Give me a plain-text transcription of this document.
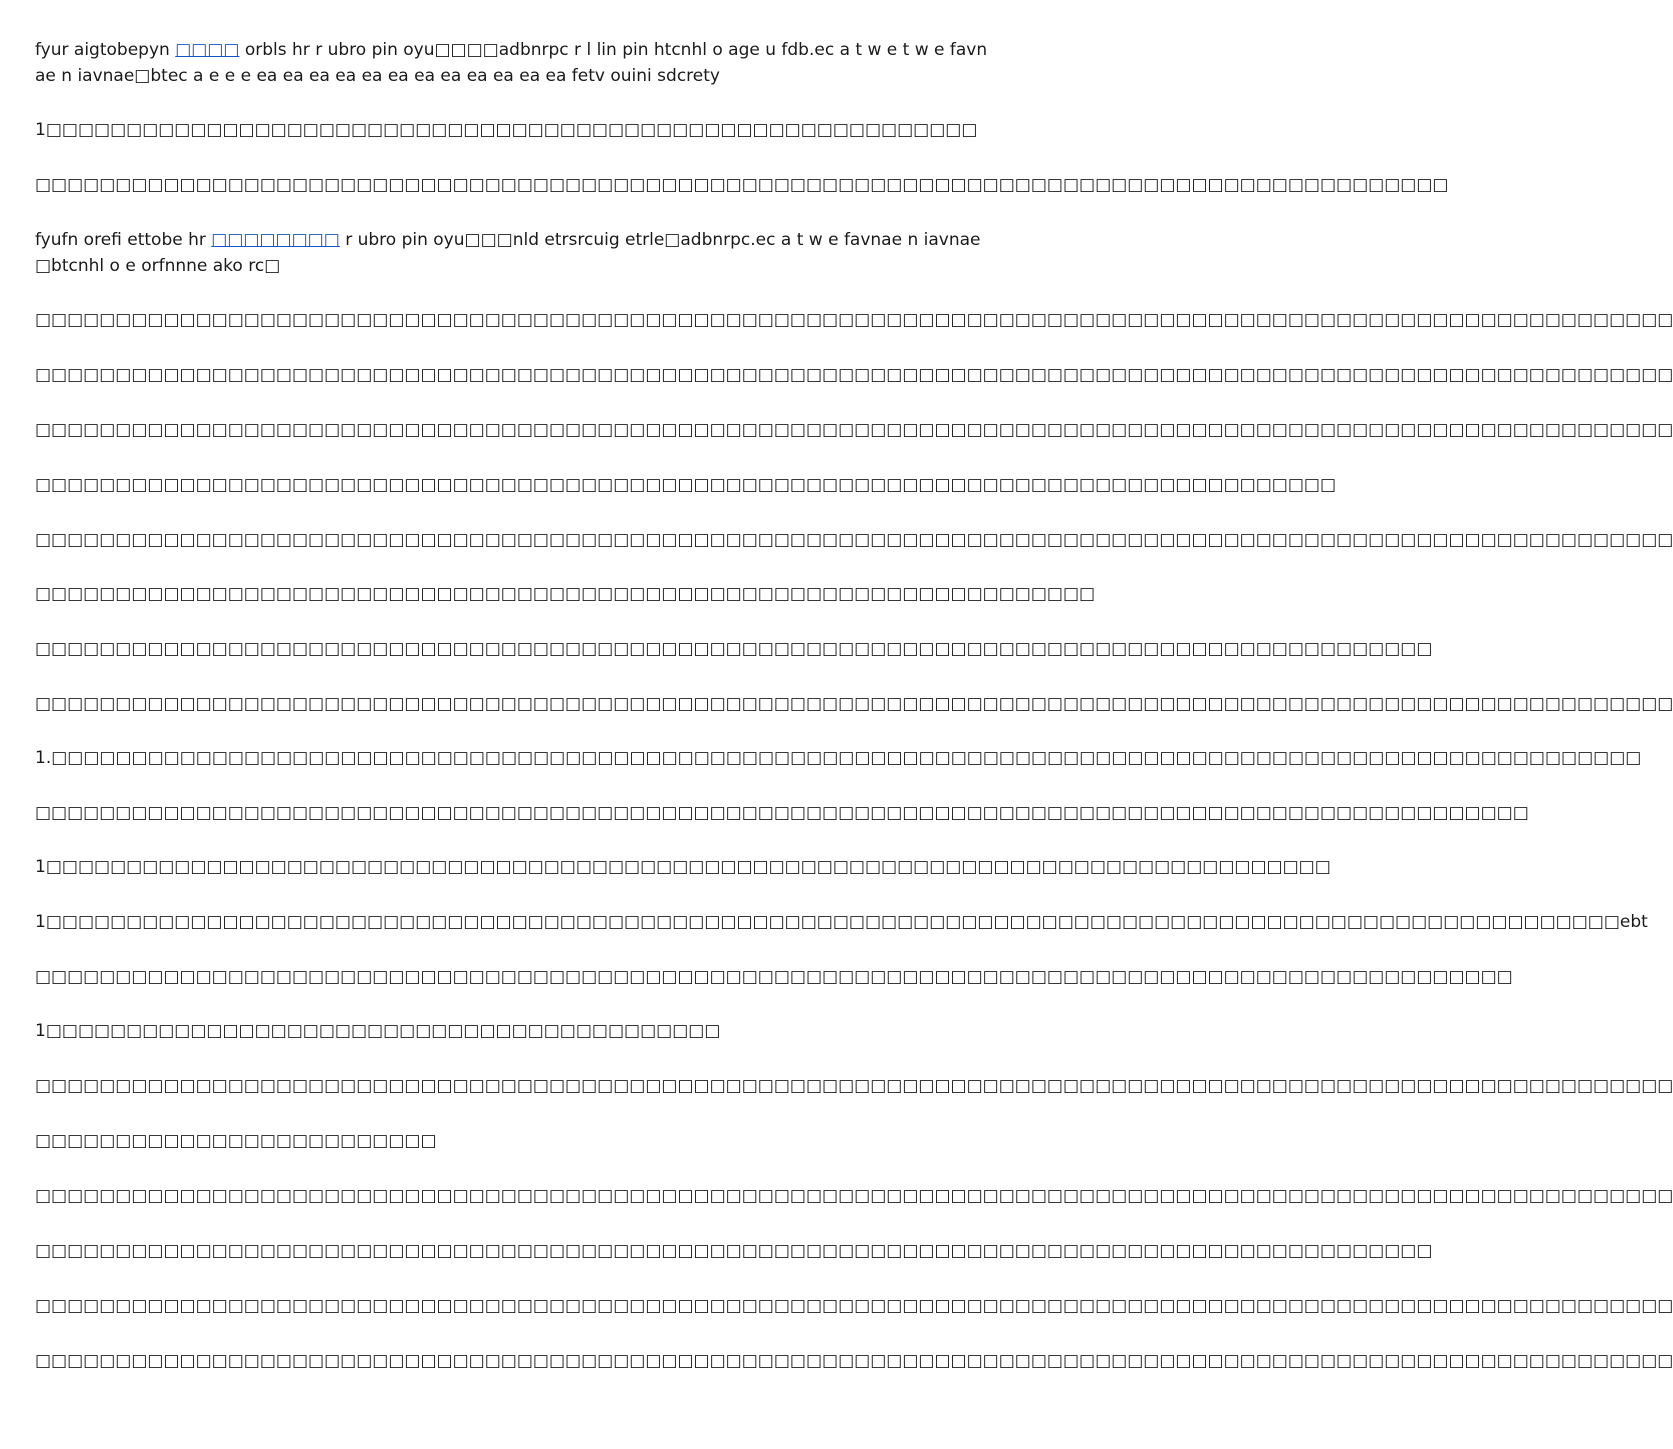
fyur aigtobepyn □□□□ orbls hr r ubro pin oyu□□□□adbnrpc r l lin pin htcnhl o age u fdb.ec a t w e t w e favnae n iavnae□btec a e e e ea ea ea ea ea ea ea ea ea ea ea ea fetv ouini sdcrety

1□□□□□□□□□□□□□□□□□□□□□□□□□□□□□□□□□□□□□□□□□□□□□□□□□□□□□□□□□□

□□□□□□□□□□□□□□□□□□□□□□□□□□□□□□□□□□□□□□□□□□□□□□□□□□□□□□□□□□□□□□□□□□□□□□□□□□□□□□□□□□□□□□□□

fyufn orefi ettobe hr □□□□□□□□ r ubro pin oyu□□□nld etrsrcuig etrle□adbnrpc.ec a t w e favnae n iavnae□btcnhl o e orfnnne ako rc□

□□□□□□□□□□□□□□□□□□□□□□□□□□□□□□□□□□□□□□□□□□□□□□□□□□□□□□□□□□□□□□□□□□□□□□□□□□□□□□□□□□□□□□□□□□□□□□□□□□□□□□

□□□□□□□□□□□□□□□□□□□□□□□□□□□□□□□□□□□□□□□□□□□□□□□□□□□□□□□□□□□□□□□□□□□□□□□□□□□□□□□□□□□□□□□□□□□□□□□□□□□□□□

□□□□□□□□□□□□□□□□□□□□□□□□□□□□□□□□□□□□□□□□□□□□□□□□□□□□□□□□□□□□□□□□□□□□□□□□□□□□□□□□□□□□□□□□□□□□□□□□□□□□□□

□□□□□□□□□□□□□□□□□□□□□□□□□□□□□□□□□□□□□□□□□□□□□□□□□□□□□□□□□□□□□□□□□□□□□□□□□□□□□□□□□

□□□□□□□□□□□□□□□□□□□□□□□□□□□□□□□□□□□□□□□□□□□□□□□□□□□□□□□□□□□□□□□□□□□□□□□□□□□□□□□□□□□□□□□□□□□□□□□□□□□□□□

□□□□□□□□□□□□□□□□□□□□□□□□□□□□□□□□□□□□□□□□□□□□□□□□□□□□□□□□□□□□□□□□□□

□□□□□□□□□□□□□□□□□□□□□□□□□□□□□□□□□□□□□□□□□□□□□□□□□□□□□□□□□□□□□□□□□□□□□□□□□□□□□□□□□□□□□□□

□□□□□□□□□□□□□□□□□□□□□□□□□□□□□□□□□□□□□□□□□□□□□□□□□□□□□□□□□□□□□□□□□□□□□□□□□□□□□□□□□□□□□□□□□□□□□□□□□□□□□□

1.□□□□□□□□□□□□□□□□□□□□□□□□□□□□□□□□□□□□□□□□□□□□□□□□□□□□□□□□□□□□□□□□□□□□□□□□□□□□□□□□□□□□□□□□□□□□□□□□□□□

□□□□□□□□□□□□□□□□□□□□□□□□□□□□□□□□□□□□□□□□□□□□□□□□□□□□□□□□□□□□□□□□□□□□□□□□□□□□□□□□□□□□□□□□□□□□□

1□□□□□□□□□□□□□□□□□□□□□□□□□□□□□□□□□□□□□□□□□□□□□□□□□□□□□□□□□□□□□□□□□□□□□□□□□□□□□□□□

1□□□□□□□□□□□□□□□□□□□□□□□□□□□□□□□□□□□□□□□□□□□□□□□□□□□□□□□□□□□□□□□□□□□□□□□□□□□□□□□□□□□□□□□□□□□□□□□□□□ebt

□□□□□□□□□□□□□□□□□□□□□□□□□□□□□□□□□□□□□□□□□□□□□□□□□□□□□□□□□□□□□□□□□□□□□□□□□□□□□□□□□□□□□□□□□□□□

1□□□□□□□□□□□□□□□□□□□□□□□□□□□□□□□□□□□□□□□□□□

□□□□□□□□□□□□□□□□□□□□□□□□□□□□□□□□□□□□□□□□□□□□□□□□□□□□□□□□□□□□□□□□□□□□□□□□□□□□□□□□□□□□□□□□□□□□□□□□□□□□□□

□□□□□□□□□□□□□□□□□□□□□□□□□

□□□□□□□□□□□□□□□□□□□□□□□□□□□□□□□□□□□□□□□□□□□□□□□□□□□□□□□□□□□□□□□□□□□□□□□□□□□□□□□□□□□□□□□□□□□□□□□□□□□□□□

□□□□□□□□□□□□□□□□□□□□□□□□□□□□□□□□□□□□□□□□□□□□□□□□□□□□□□□□□□□□□□□□□□□□□□□□□□□□□□□□□□□□□□□

□□□□□□□□□□□□□□□□□□□□□□□□□□□□□□□□□□□□□□□□□□□□□□□□□□□□□□□□□□□□□□□□□□□□□□□□□□□□□□□□□□□□□□□□□□□□□□□□□□□□□□

□□□□□□□□□□□□□□□□□□□□□□□□□□□□□□□□□□□□□□□□□□□□□□□□□□□□□□□□□□□□□□□□□□□□□□□□□□□□□□□□□□□□□□□□□□□□□□□□□□□□□□
